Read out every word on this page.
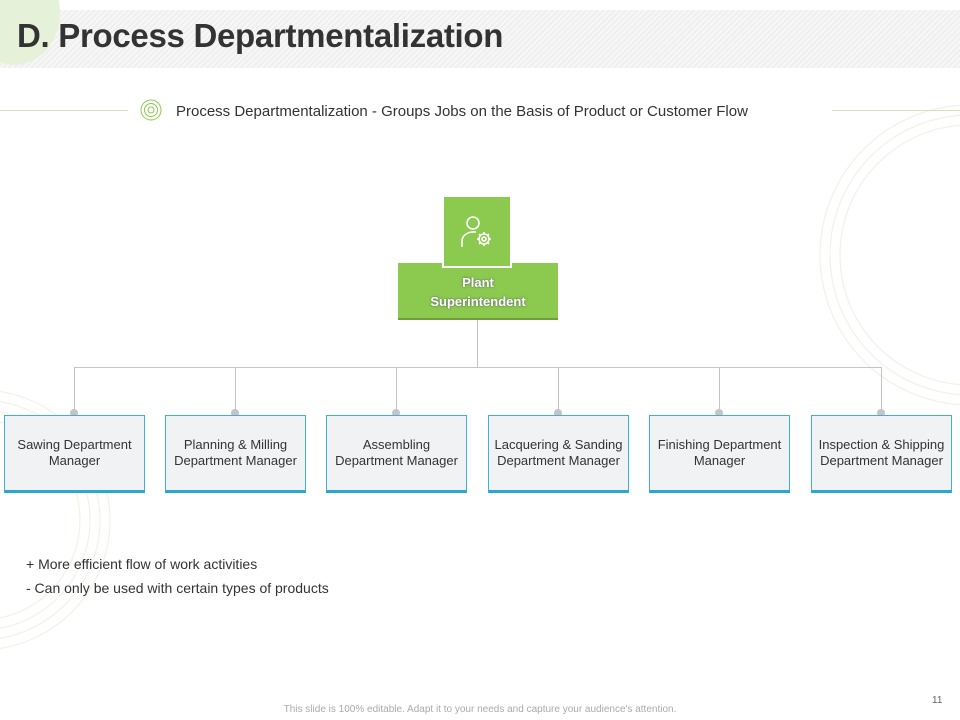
D. Process Departmentalization
Process Departmentalization - Groups Jobs on the Basis of Product or Customer Flow
Plant Superintendent
Sawing Department Manager
Planning & Milling Department Manager
Assembling Department Manager
Lacquering & Sanding Department Manager
Finishing Department Manager
Inspection & Shipping Department Manager
+ More efficient flow of work activities
- Can only be used with certain types of products
This slide is 100% editable. Adapt it to your needs and capture your audience's attention.
11
